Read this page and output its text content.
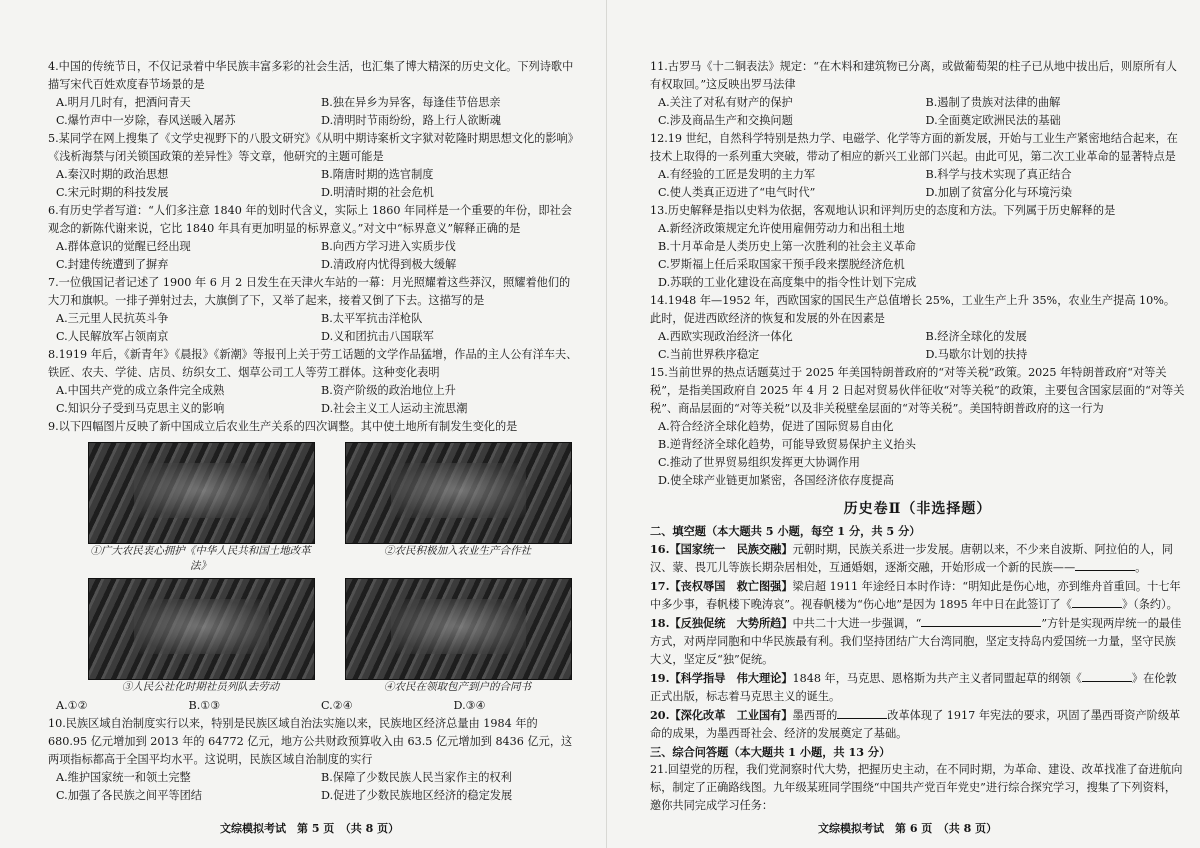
4.中国的传统节日，不仅记录着中华民族丰富多彩的社会生活，也汇集了博大精深的历史文化。下列诗歌中描写宋代百姓欢度春节场景的是

A.明月几时有，把酒问青天	B.独在异乡为异客，每逢佳节倍思亲
C.爆竹声中一岁除，春风送暖入屠苏	D.清明时节雨纷纷，路上行人欲断魂

5.某同学在网上搜集了《文学史视野下的八股文研究》《从明中期诗案析文字狱对乾隆时期思想文化的影响》《浅析海禁与闭关锁国政策的差异性》等文章，他研究的主题可能是

A.秦汉时期的政治思想	B.隋唐时期的选官制度
C.宋元时期的科技发展	D.明清时期的社会危机

6.有历史学者写道：“人们多注意 1840 年的划时代含义，实际上 1860 年同样是一个重要的年份，即社会观念的新陈代谢来说，它比 1840 年具有更加明显的标界意义。”对文中“标界意义”解释正确的是

A.群体意识的觉醒已经出现	B.向西方学习进入实质步伐
C.封建传统遭到了摒弃	D.清政府内忧得到极大缓解

7.一位俄国记者记述了 1900 年 6 月 2 日发生在天津火车站的一幕：月光照耀着这些莽汉，照耀着他们的大刀和旗帜。一排子弹射过去，大旗倒了下，又举了起来，接着又倒了下去。这描写的是

A.三元里人民抗英斗争	B.太平军抗击洋枪队
C.人民解放军占领南京	D.义和团抗击八国联军

8.1919 年后，《新青年》《晨报》《新潮》等报刊上关于劳工话题的文学作品猛增，作品的主人公有洋车夫、铁匠、农夫、学徒、店员、纺织女工、烟草公司工人等劳工群体。这种变化表明

A.中国共产党的成立条件完全成熟	B.资产阶级的政治地位上升
C.知识分子受到马克思主义的影响	D.社会主义工人运动主流思潮

9.以下四幅图片反映了新中国成立后农业生产关系的四次调整。其中使土地所有制发生变化的是

①广大农民衷心拥护《中华人民共和国土地改革法》
②农民积极加入农业生产合作社
③人民公社化时期社员列队去劳动	④农民在领取包产到户的合同书
A.①②	B.①③	C.②④	D.③④

10.民族区域自治制度实行以来，特别是民族区域自治法实施以来，民族地区经济总量由 1984 年的 680.95 亿元增加到 2013 年的 64772 亿元，地方公共财政预算收入由 63.5 亿元增加到 8436 亿元，这两项指标都高于全国平均水平。这说明，民族区域自治制度的实行

A.维护国家统一和领土完整	B.保障了少数民族人民当家作主的权利
C.加强了各民族之间平等团结	D.促进了少数民族地区经济的稳定发展
文综模拟考试　第 5 页　（共 8 页）

11.古罗马《十二铜表法》规定：“在木料和建筑物已分离，或做葡萄架的柱子已从地中拔出后，则原所有人有权取回。”这反映出罗马法律

A.关注了对私有财产的保护	B.遏制了贵族对法律的曲解
C.涉及商品生产和交换问题	D.全面奠定欧洲民法的基础

12.19 世纪，自然科学特别是热力学、电磁学、化学等方面的新发展，开始与工业生产紧密地结合起来，在技术上取得的一系列重大突破，带动了相应的新兴工业部门兴起。由此可见，第二次工业革命的显著特点是

A.有经验的工匠是发明的主力军	B.科学与技术实现了真正结合
C.使人类真正迈进了“电气时代”	D.加剧了贫富分化与环境污染

13.历史解释是指以史料为依据，客观地认识和评判历史的态度和方法。下列属于历史解释的是

A.新经济政策规定允许使用雇佣劳动力和出租土地

B.十月革命是人类历史上第一次胜利的社会主义革命

C.罗斯福上任后采取国家干预手段来摆脱经济危机

D.苏联的工业化建设在高度集中的指令性计划下完成

14.1948 年—1952 年，西欧国家的国民生产总值增长 25%，工业生产上升 35%，农业生产提高 10%。此时，促进西欧经济的恢复和发展的外在因素是

A.西欧实现政治经济一体化	B.经济全球化的发展
C.当前世界秩序稳定	D.马歇尔计划的扶持

15.当前世界的热点话题莫过于 2025 年美国特朗普政府的“对等关税”政策。2025 年特朗普政府“对等关税”，是指美国政府自 2025 年 4 月 2 日起对贸易伙伴征收“对等关税”的政策，主要包含国家层面的“对等关税”、商品层面的“对等关税”以及非关税壁垒层面的“对等关税”。美国特朗普政府的这一行为

A.符合经济全球化趋势，促进了国际贸易自由化

B.逆背经济全球化趋势，可能导致贸易保护主义抬头

C.推动了世界贸易组织发挥更大协调作用

D.使全球产业链更加紧密，各国经济依存度提高

历史卷Ⅱ（非选择题）

二、填空题（本大题共 5 小题，每空 1 分，共 5 分）

16.【国家统一　民族交融】元朝时期，民族关系进一步发展。唐朝以来，不少来自波斯、阿拉伯的人，同汉、蒙、畏兀儿等族长期杂居相处，互通婚姻，逐渐交融，开始形成一个新的民族——	。

17.【丧权辱国　救亡图强】梁启超 1911 年途经日本时作诗：“明知此是伤心地，亦到维舟首重回。十七年中多少事，春帆楼下晚涛哀”。视春帆楼为“伤心地”是因为 1895 年中日在此签订了《	》（条约）。

18.【反独促统　大势所趋】中共二十大进一步强调，“	”方针是实现两岸统一的最佳方式，对两岸同胞和中华民族最有利。我们坚持团结广大台湾同胞，坚定支持岛内爱国统一力量，坚守民族大义，坚定反“独”促统。

19.【科学指导　伟大理论】1848 年，马克思、恩格斯为共产主义者同盟起草的纲领《	》在伦敦正式出版，标志着马克思主义的诞生。

20.【深化改革　工业国有】墨西哥的	改革体现了 1917 年宪法的要求，巩固了墨西哥资产阶级革命的成果，为墨西哥社会、经济的发展奠定了基础。

三、综合问答题（本大题共 1 小题，共 13 分）

21.回望党的历程，我们党洞察时代大势，把握历史主动，在不同时期，为革命、建设、改革找准了奋进航向标，制定了正确路线图。九年级某班同学围绕“中国共产党百年党史”进行综合探究学习，搜集了下列资料，邀你共同完成学习任务：

文综模拟考试　第 6 页　（共 8 页）
